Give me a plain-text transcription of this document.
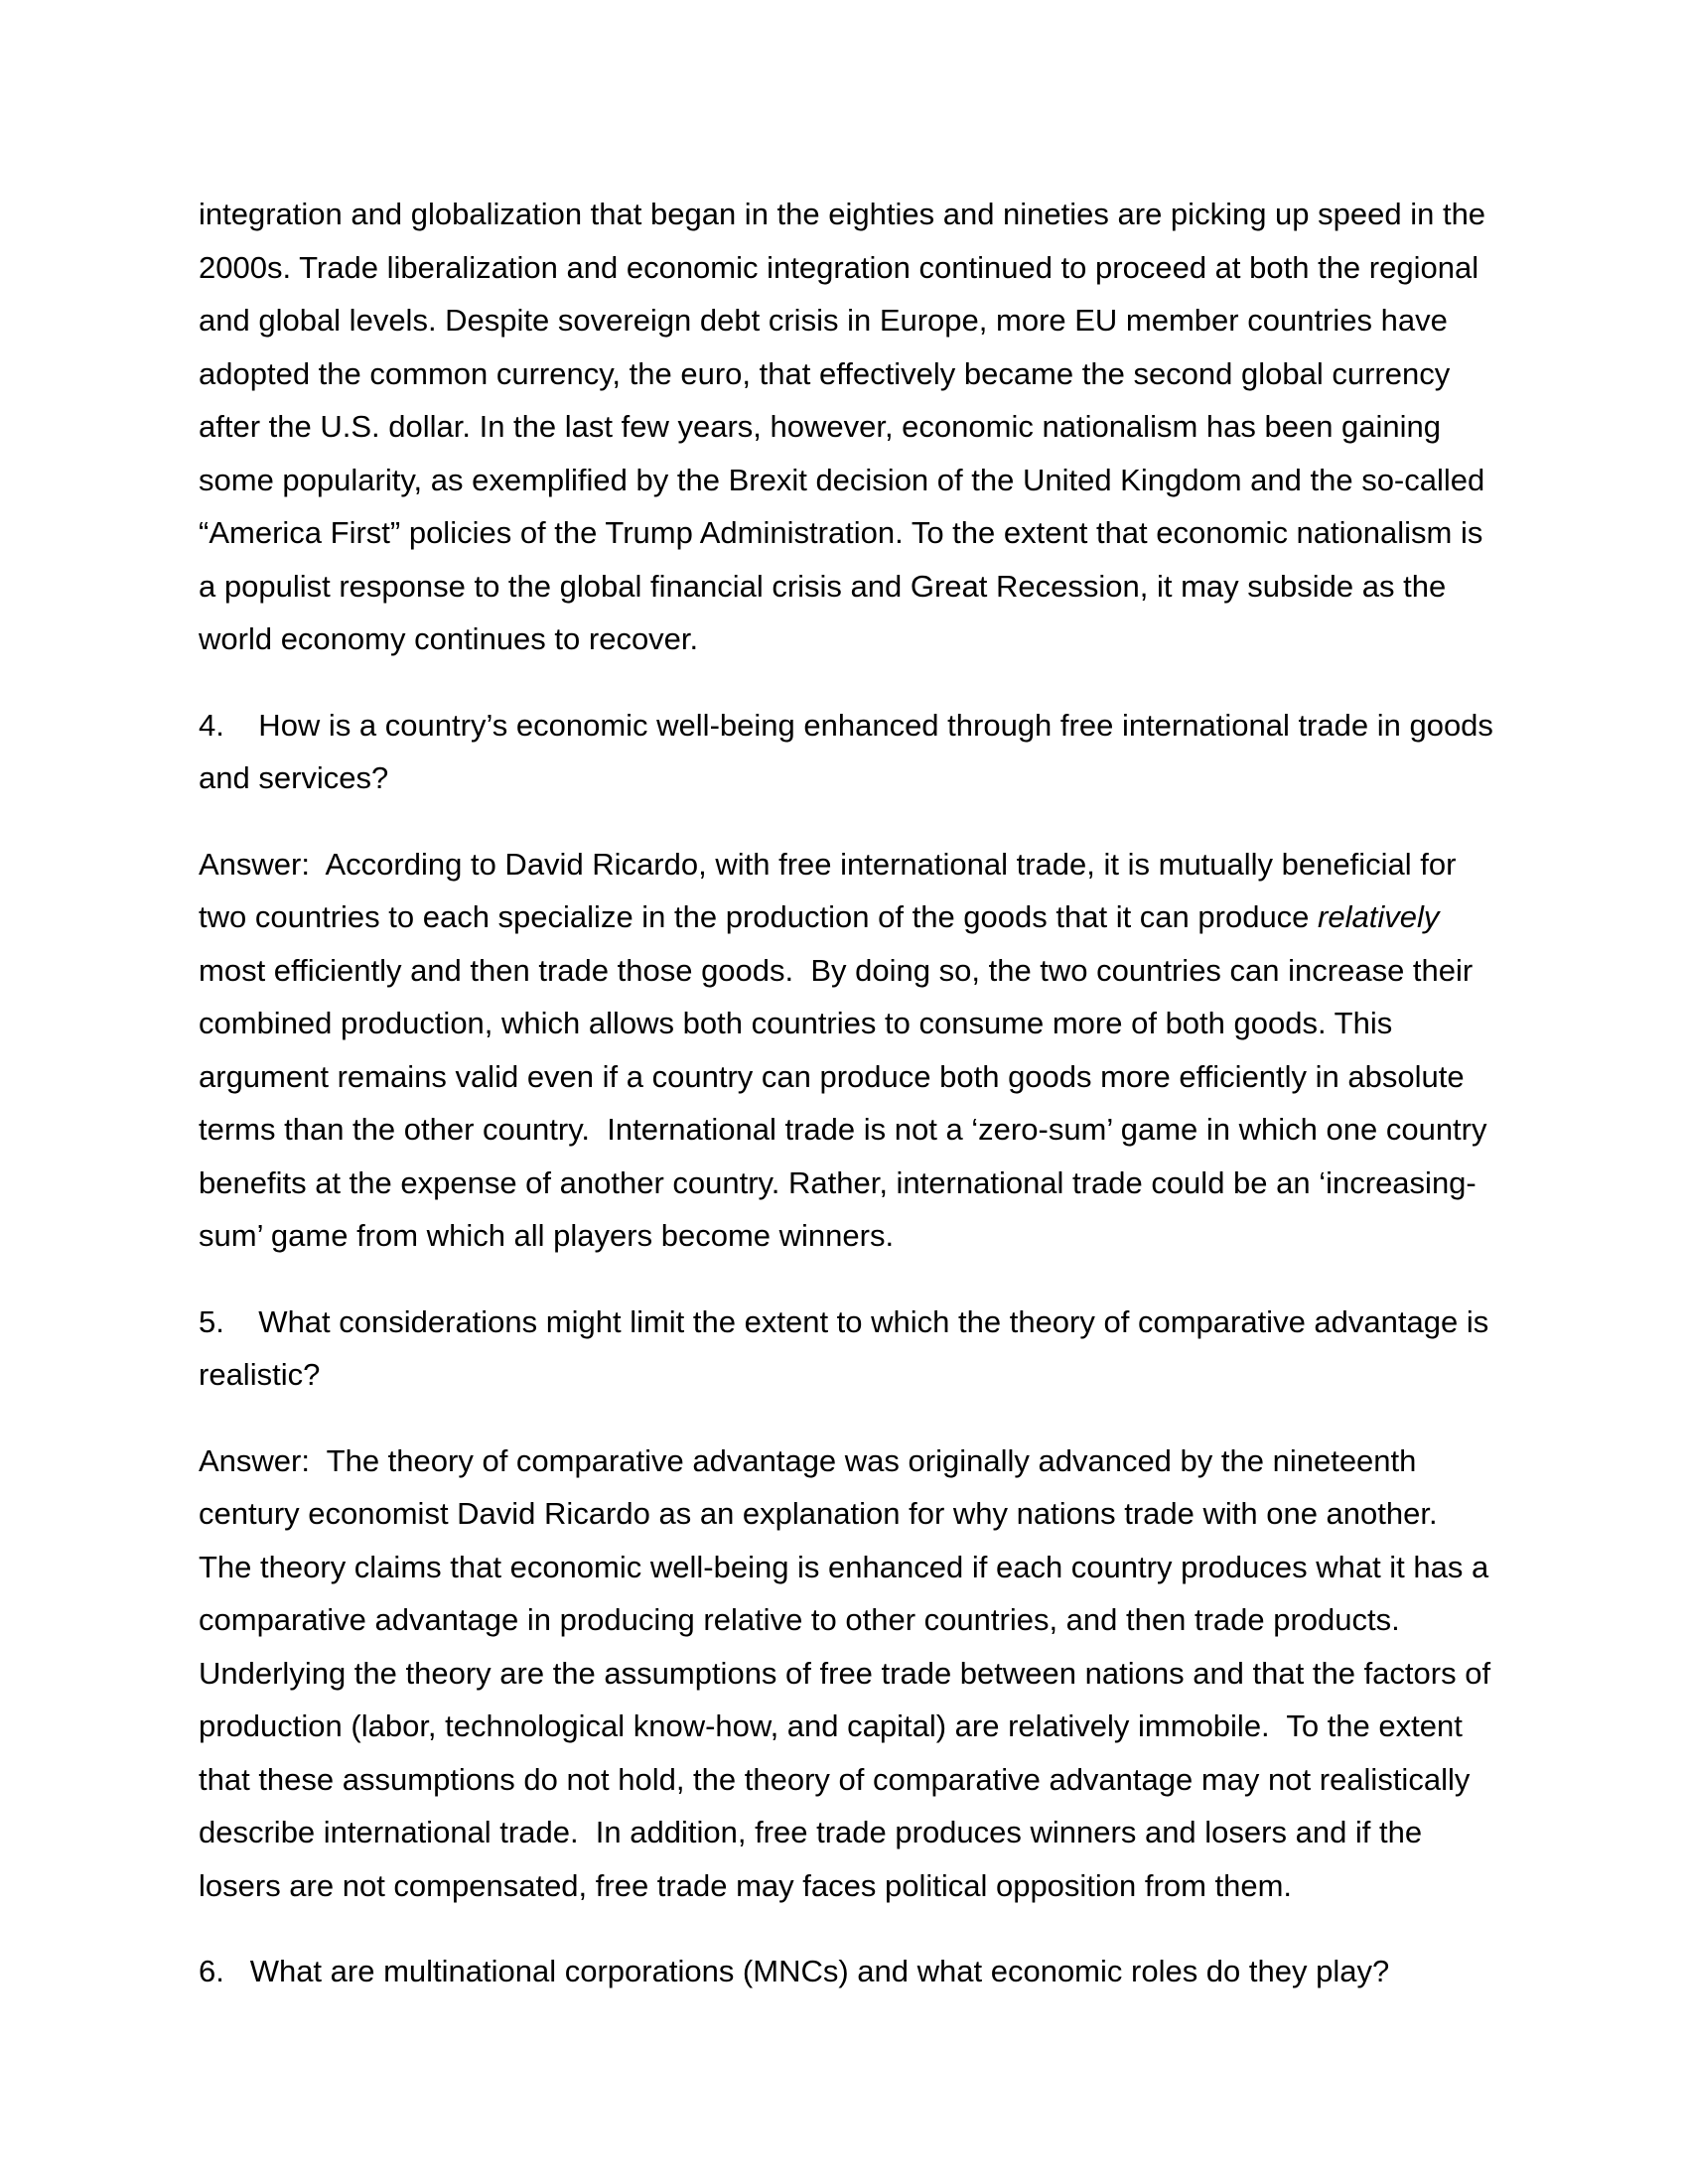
integration and globalization that began in the eighties and nineties are picking up speed in the 2000s. Trade liberalization and economic integration continued to proceed at both the regional and global levels. Despite sovereign debt crisis in Europe, more EU member countries have adopted the common currency, the euro, that effectively became the second global currency after the U.S. dollar. In the last few years, however, economic nationalism has been gaining some popularity, as exemplified by the Brexit decision of the United Kingdom and the so-called “America First” policies of the Trump Administration. To the extent that economic nationalism is a populist response to the global financial crisis and Great Recession, it may subside as the world economy continues to recover.

4.    How is a country’s economic well-being enhanced through free international trade in goods and services?

Answer:  According to David Ricardo, with free international trade, it is mutually beneficial for two countries to each specialize in the production of the goods that it can produce relatively most efficiently and then trade those goods.  By doing so, the two countries can increase their combined production, which allows both countries to consume more of both goods. This argument remains valid even if a country can produce both goods more efficiently in absolute terms than the other country.  International trade is not a ‘zero-sum’ game in which one country benefits at the expense of another country. Rather, international trade could be an ‘increasing-sum’ game from which all players become winners.

5.    What considerations might limit the extent to which the theory of comparative advantage is realistic?

Answer:  The theory of comparative advantage was originally advanced by the nineteenth century economist David Ricardo as an explanation for why nations trade with one another.  The theory claims that economic well-being is enhanced if each country produces what it has a comparative advantage in producing relative to other countries, and then trade products.  Underlying the theory are the assumptions of free trade between nations and that the factors of production (labor, technological know-how, and capital) are relatively immobile.  To the extent that these assumptions do not hold, the theory of comparative advantage may not realistically describe international trade.  In addition, free trade produces winners and losers and if the losers are not compensated, free trade may faces political opposition from them.

6.   What are multinational corporations (MNCs) and what economic roles do they play?
